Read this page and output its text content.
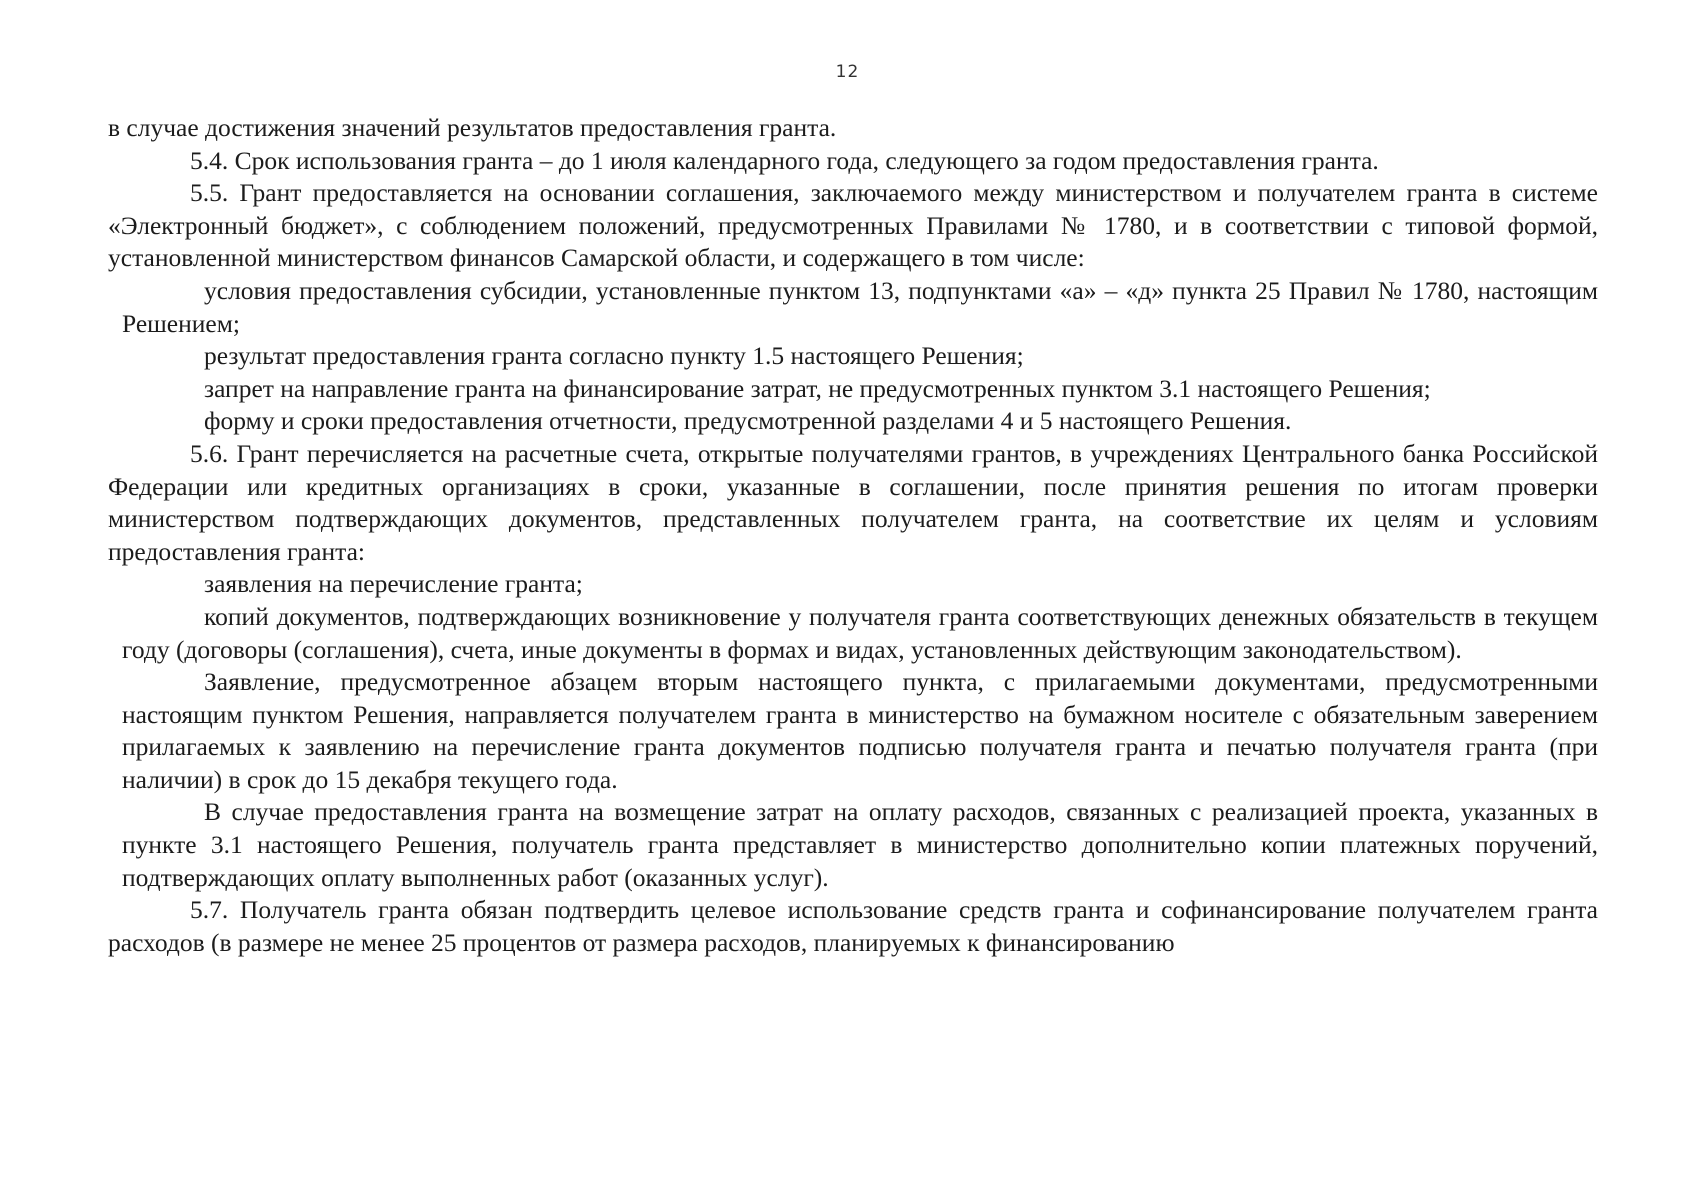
12

в случае достижения значений результатов предоставления гранта.

5.4. Срок использования гранта – до 1 июля календарного года, следующего за годом предоставления гранта.

5.5. Грант предоставляется на основании соглашения, заключаемого между министерством и получателем гранта в системе «Электронный бюджет», с соблюдением положений, предусмотренных Правилами № 1780, и в соответствии с типовой формой, установленной министерством финансов Самарской области, и содержащего в том числе:

условия предоставления субсидии, установленные пунктом 13, подпунктами «а» – «д» пункта 25 Правил № 1780, настоящим Решением;

результат предоставления гранта согласно пункту 1.5 настоящего Решения;

запрет на направление гранта на финансирование затрат, не предусмотренных пунктом 3.1 настоящего Решения;

форму и сроки предоставления отчетности, предусмотренной разделами 4 и 5 настоящего Решения.

5.6. Грант перечисляется на расчетные счета, открытые получателями грантов, в учреждениях Центрального банка Российской Федерации или кредитных организациях в сроки, указанные в соглашении, после принятия решения по итогам проверки министерством подтверждающих документов, представленных получателем гранта, на соответствие их целям и условиям предоставления гранта:

заявления на перечисление гранта;

копий документов, подтверждающих возникновение у получателя гранта соответствующих денежных обязательств в текущем году (договоры (соглашения), счета, иные документы в формах и видах, установленных действующим законодательством).

Заявление, предусмотренное абзацем вторым настоящего пункта, с прилагаемыми документами, предусмотренными настоящим пунктом Решения, направляется получателем гранта в министерство на бумажном носителе с обязательным заверением прилагаемых к заявлению на перечисление гранта документов подписью получателя гранта и печатью получателя гранта (при наличии) в срок до 15 декабря текущего года.

В случае предоставления гранта на возмещение затрат на оплату расходов, связанных с реализацией проекта, указанных в пункте 3.1 настоящего Решения, получатель гранта представляет в министерство дополнительно копии платежных поручений, подтверждающих оплату выполненных работ (оказанных услуг).

5.7. Получатель гранта обязан подтвердить целевое использование средств гранта и софинансирование получателем гранта расходов (в размере не менее 25 процентов от размера расходов, планируемых к финансированию
